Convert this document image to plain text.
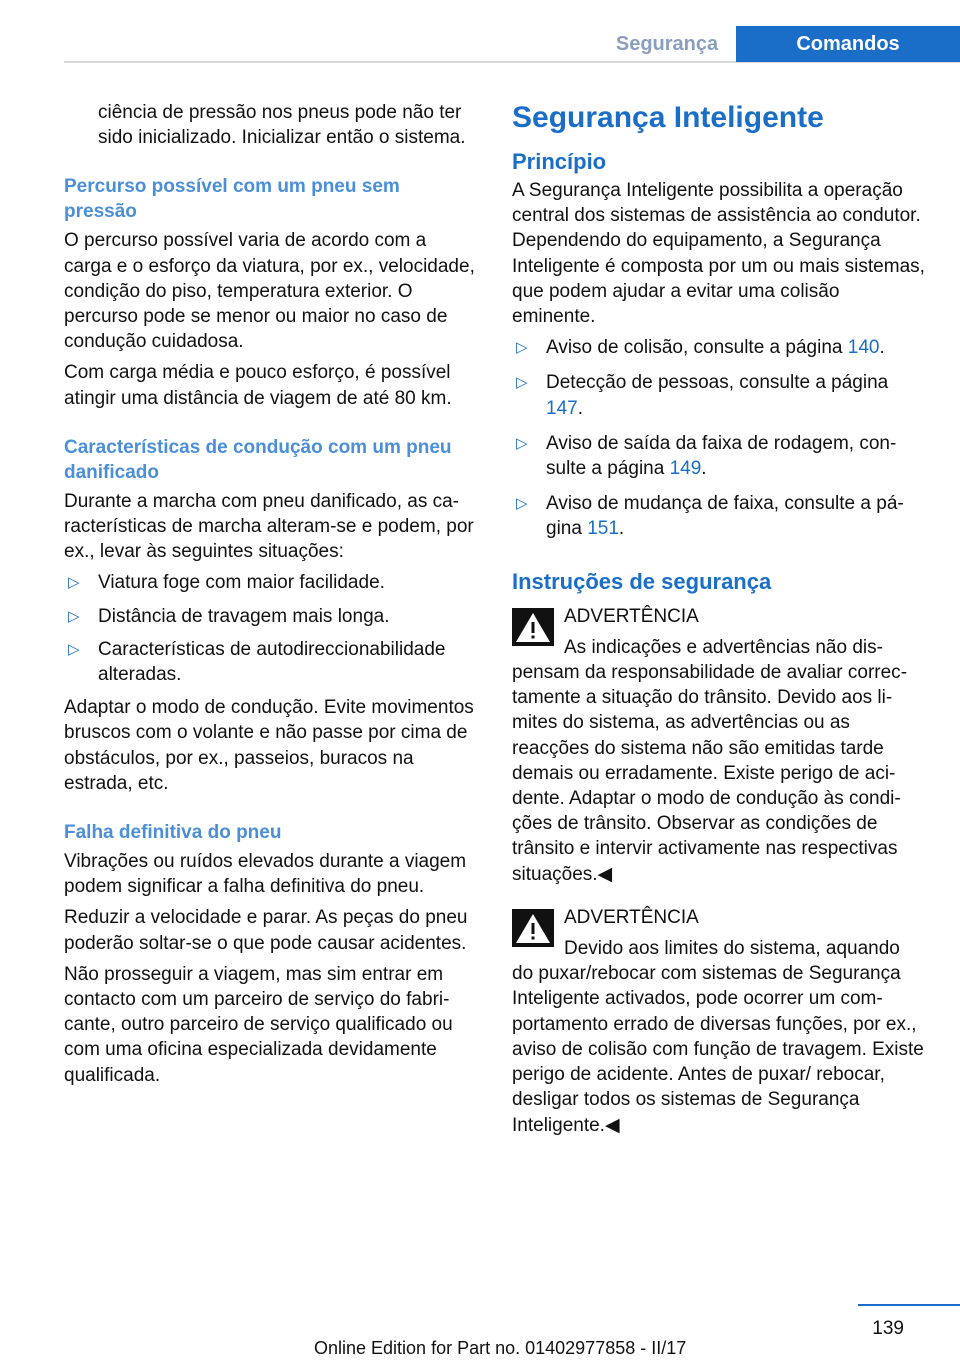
Segurança	Comandos

ciência de pressão nos pneus pode não ter sido inicializado. Inicializar então o sistema.

Percurso possível com um pneu sem pressão

O percurso possível varia de acordo com a carga e o esforço da viatura, por ex., velocidade, condição do piso, temperatura exterior. O percurso pode se menor ou maior no caso de condução cuidadosa.

Com carga média e pouco esforço, é possível atingir uma distância de viagem de até 80 km.

Características de condução com um pneu danificado

Durante a marcha com pneu danificado, as características de marcha alteram-se e podem, por ex., levar às seguintes situações:

▷ Viatura foge com maior facilidade.
▷ Distância de travagem mais longa.
▷ Características de autodireccionabilidade alteradas.

Adaptar o modo de condução. Evite movimentos bruscos com o volante e não passe por cima de obstáculos, por ex., passeios, buracos na estrada, etc.

Falha definitiva do pneu

Vibrações ou ruídos elevados durante a viagem podem significar a falha definitiva do pneu.

Reduzir a velocidade e parar. As peças do pneu poderão soltar-se o que pode causar acidentes.

Não prosseguir a viagem, mas sim entrar em contacto com um parceiro de serviço do fabricante, outro parceiro de serviço qualificado ou com uma oficina especializada devidamente qualificada.

Segurança Inteligente
Princípio

A Segurança Inteligente possibilita a operação central dos sistemas de assistência ao condutor. Dependendo do equipamento, a Segurança Inteligente é composta por um ou mais sistemas, que podem ajudar a evitar uma colisão eminente.

▷ Aviso de colisão, consulte a página 140.
▷ Detecção de pessoas, consulte a página 147.
▷ Aviso de saída da faixa de rodagem, consulte a página 149.
▷ Aviso de mudança de faixa, consulte a página 151.
Instruções de segurança
ADVERTÊNCIA
As indicações e advertências não dispensam da responsabilidade de avaliar correctamente a situação do trânsito. Devido aos limites do sistema, as advertências ou as reacções do sistema não são emitidas tarde demais ou erradamente. Existe perigo de acidente. Adaptar o modo de condução às condições de trânsito. Observar as condições de trânsito e intervir activamente nas respectivas situações.◀
ADVERTÊNCIA
Devido aos limites do sistema, aquando do puxar/rebocar com sistemas de Segurança Inteligente activados, pode ocorrer um comportamento errado de diversas funções, por ex., aviso de colisão com função de travagem. Existe perigo de acidente. Antes de puxar/ rebocar, desligar todos os sistemas de Segurança Inteligente.◀
139
Online Edition for Part no. 01402977858 - II/17
